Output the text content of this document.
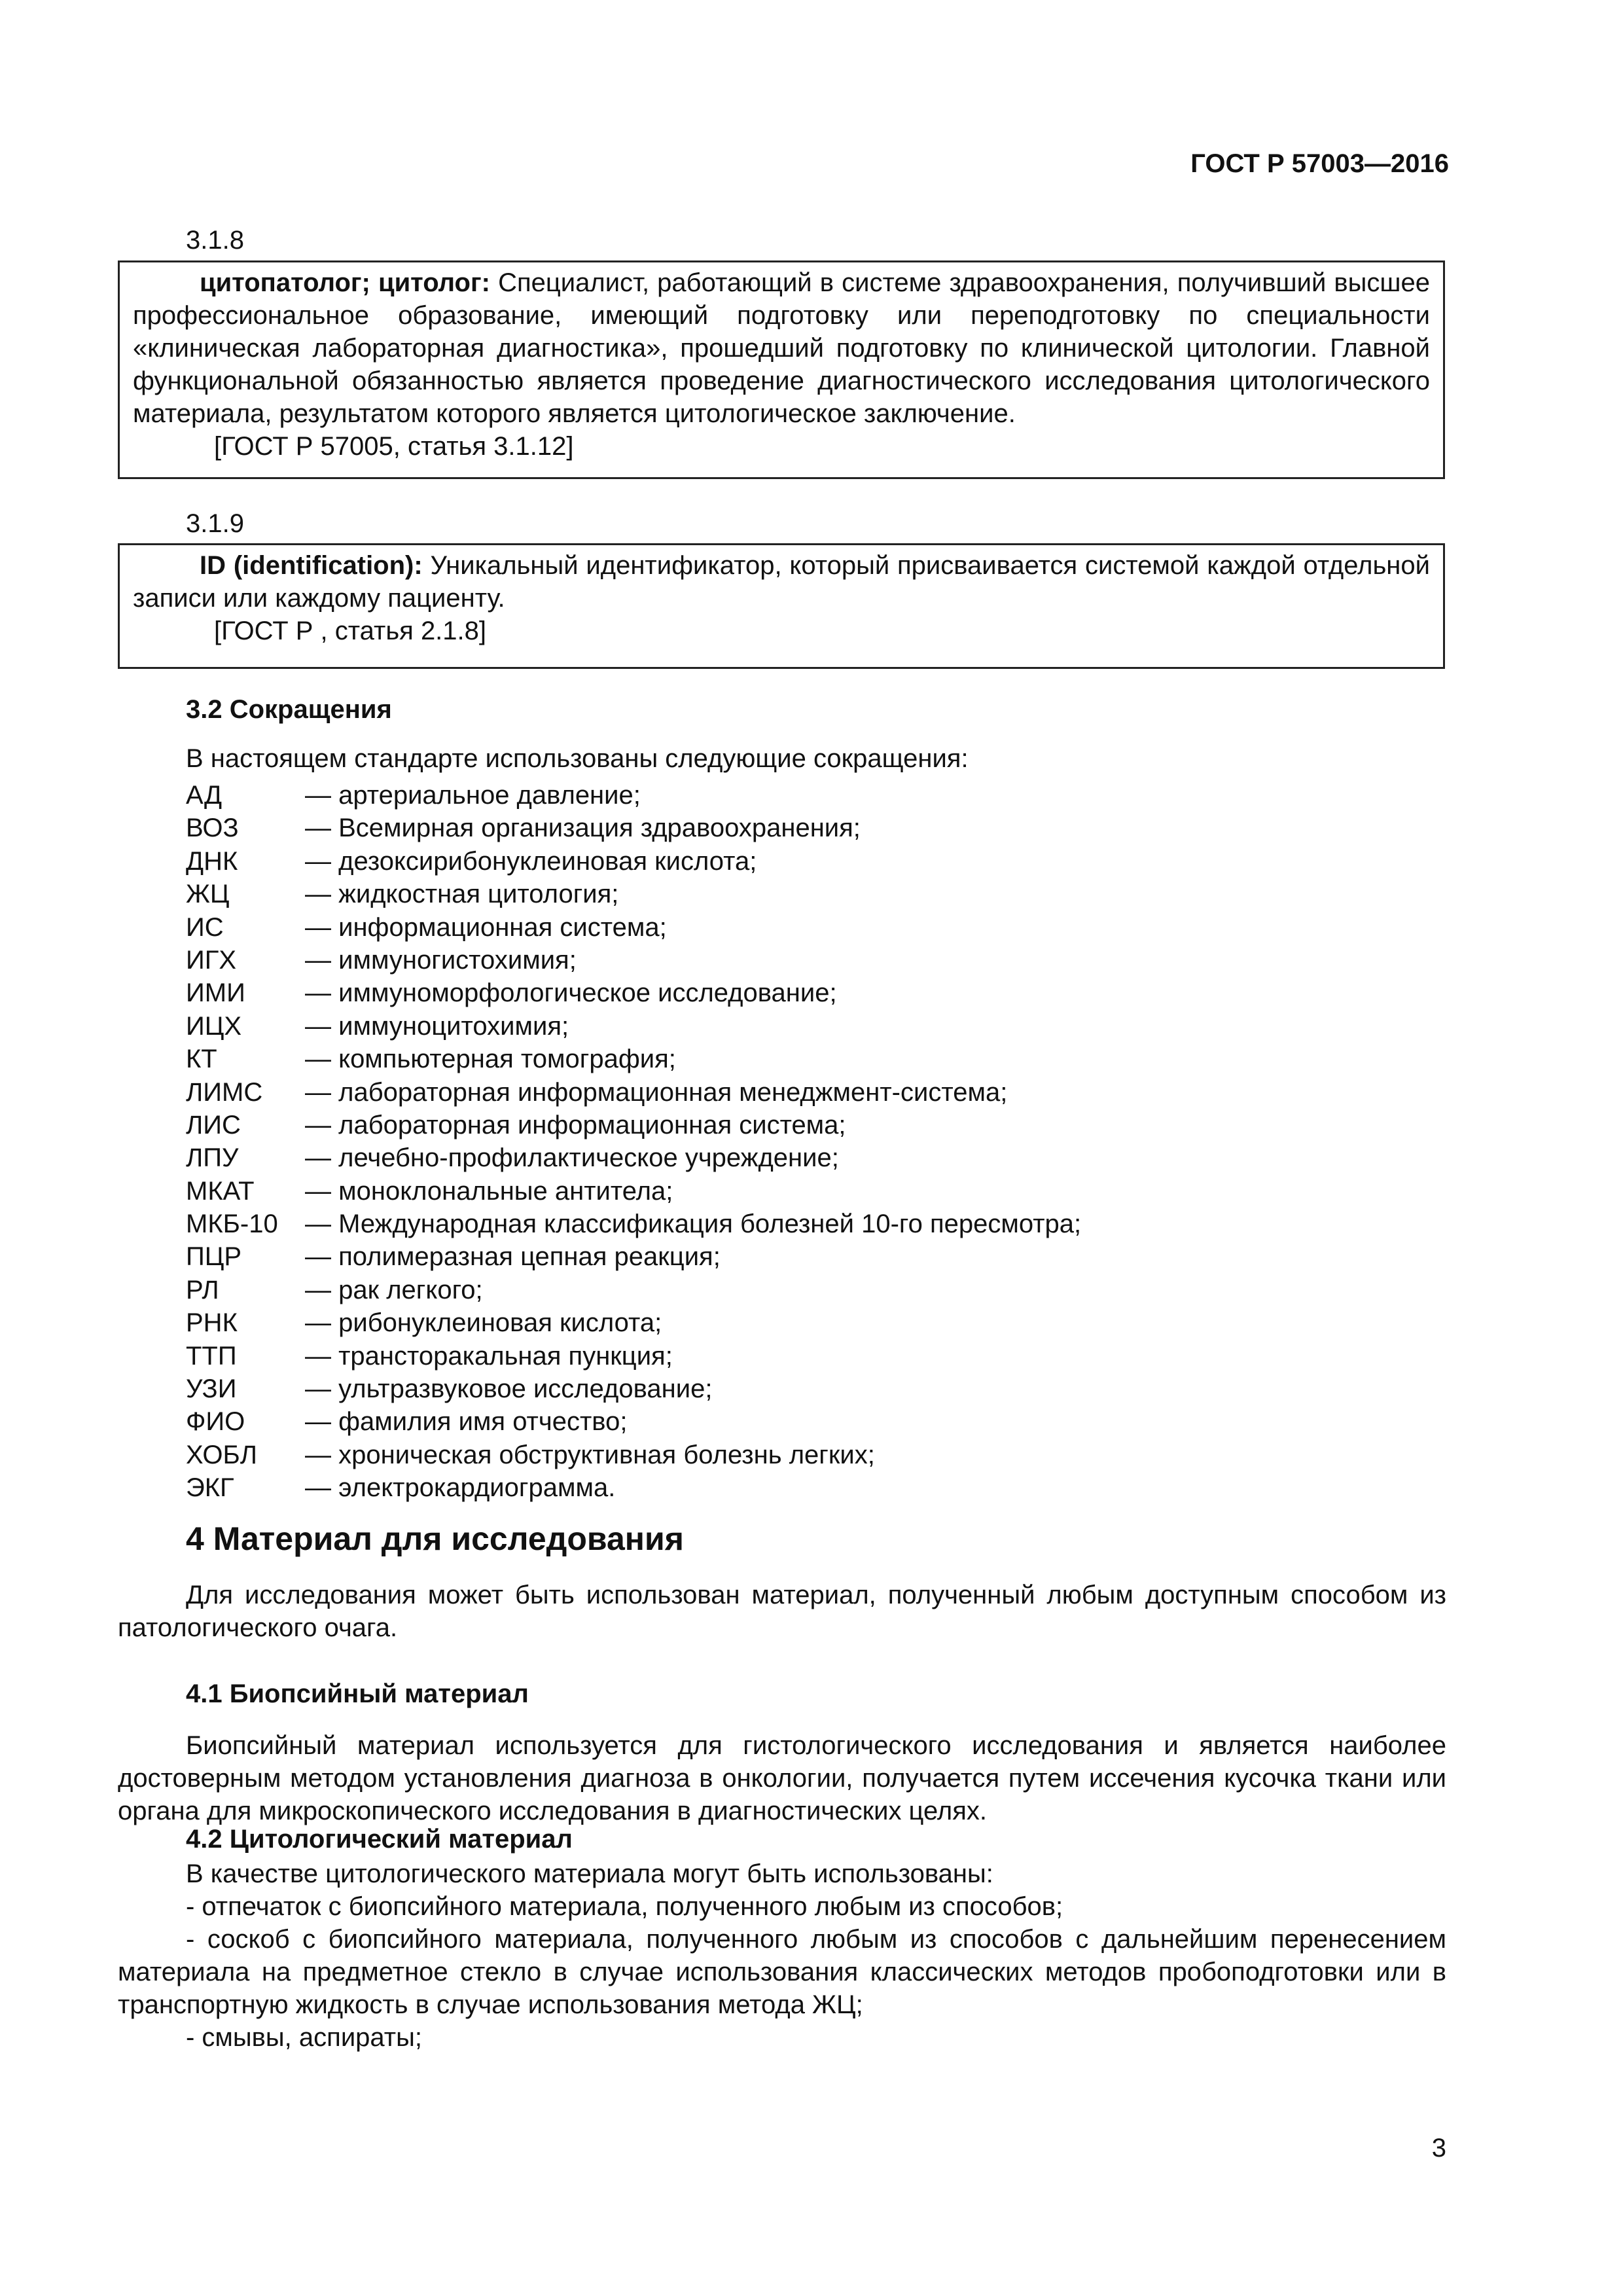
ГОСТ Р 57003—2016
3.1.8

цитопатолог; цитолог: Специалист, работающий в системе здравоохранения, получивший высшее профессиональное образование, имеющий подготовку или переподготовку по специальности «клиническая лабораторная диагностика», прошедший подготовку по клинической цитологии. Главной функциональной обязанностью является проведение диагностического исследования цитологического материала, результатом которого является цитологическое заключение.

[ГОСТ Р 57005, статья 3.1.12]

3.1.9

ID (identification): Уникальный идентификатор, который присваивается системой каждой отдельной записи или каждому пациенту.

[ГОСТ Р , статья 2.1.8]

3.2 Сокращения
В настоящем стандарте использованы следующие сокращения:
АД	— артериальное давление;
ВОЗ	— Всемирная организация здравоохранения;
ДНК	— дезоксирибонуклеиновая кислота;
ЖЦ	— жидкостная цитология;
ИС	— информационная система;
ИГХ	— иммуногистохимия;
ИМИ — иммуноморфологическое исследование;
ИЦХ — иммуноцитохимия;
КТ	— компьютерная томография;
ЛИМС — лабораторная информационная менеджмент-система;
ЛИС — лабораторная информационная система;
ЛПУ	— лечебно-профилактическое учреждение;
МКАТ — моноклональные антитела;
МКБ-10 — Международная классификация болезней 10-го пересмотра;
ПЦР — полимеразная цепная реакция;
РЛ	— рак легкого;
РНК	— рибонуклеиновая кислота;
ТТП	— трансторакальная пункция;
УЗИ	— ультразвуковое исследование;
ФИО — фамилия имя отчество;
ХОБЛ — хроническая обструктивная болезнь легких;
ЭКГ	— электрокардиограмма.
4 Материал для исследования

Для исследования может быть использован материал, полученный любым доступным способом из патологического очага.

4.1 Биопсийный материал

Биопсийный материал используется для гистологического исследования и является наиболее достоверным методом установления диагноза в онкологии, получается путем иссечения кусочка ткани или органа для микроскопического исследования в диагностических целях.

4.2 Цитологический материал

В качестве цитологического материала могут быть использованы:

- отпечаток с биопсийного материала, полученного любым из способов;

- соскоб с биопсийного материала, полученного любым из способов с дальнейшим перенесением материала на предметное стекло в случае использования классических методов пробоподготовки или в транспортную жидкость в случае использования метода ЖЦ;

- смывы, аспираты;

3
